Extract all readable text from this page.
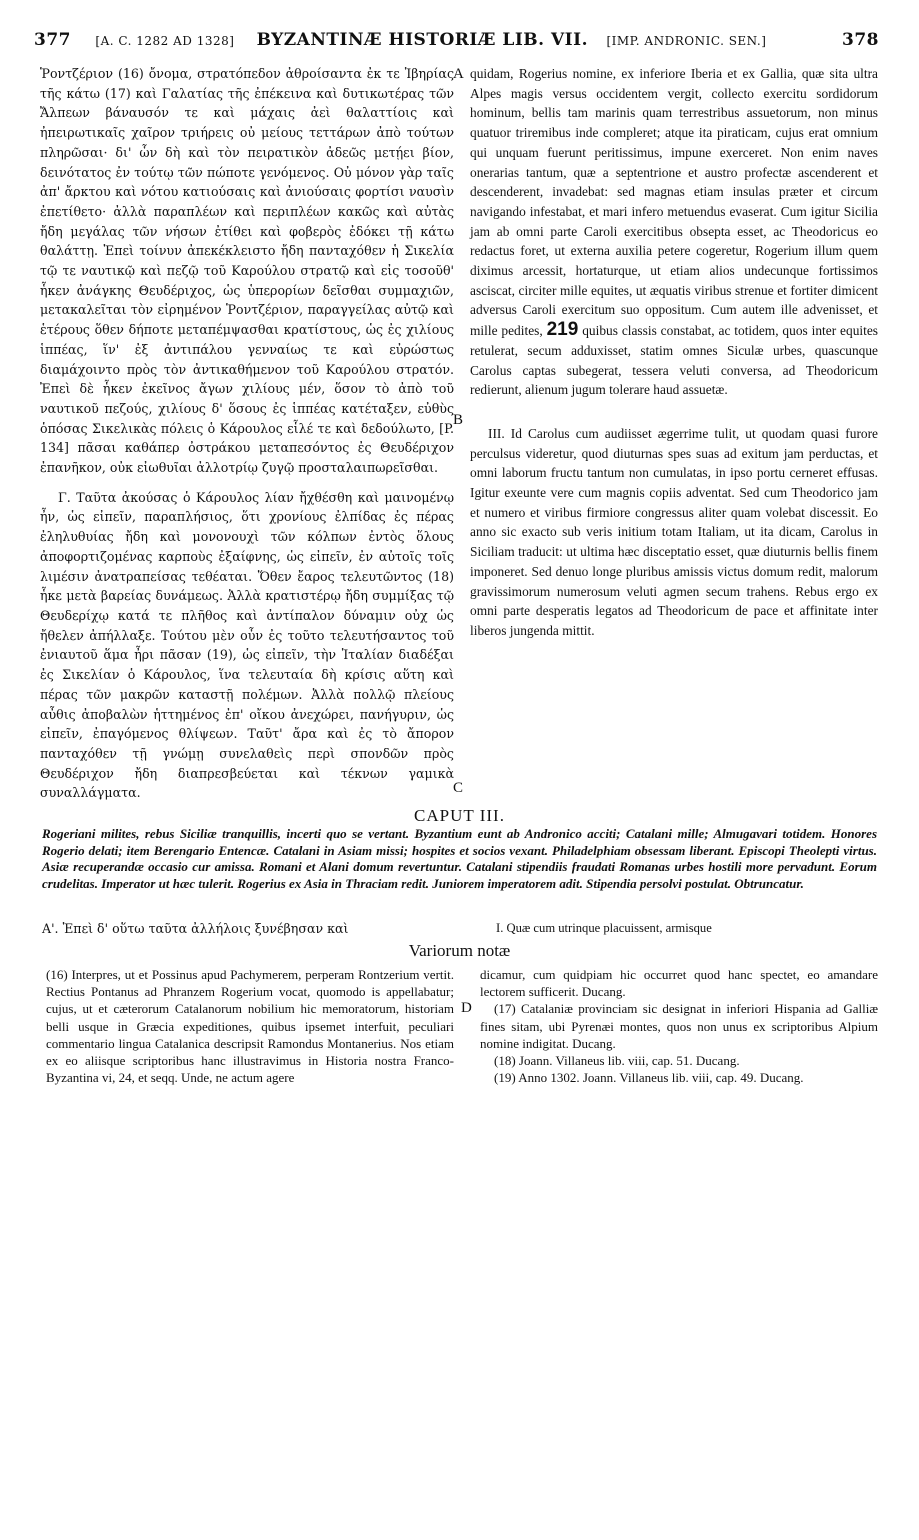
377 [A. C. 1282 AD 1328]	BYZANTINÆ HISTORIÆ LIB. VII. [IMP. ANDRONIC. SEN.]	378

Ῥοντζέριον (16) ὄνομα, στρατόπεδον ἀθροίσαντα ἐκ τε Ἰβηρίας τῆς κάτω (17) καὶ Γαλατίας τῆς ἐπέκεινα καὶ δυτικωτέρας τῶν Ἄλπεων βάναυσόν τε καὶ μάχαις ἀεὶ θαλαττίοις καὶ ἠπειρωτικαῖς χαῖρον τριήρεις οὐ μείους τεττάρων ἀπὸ τούτων πληρῶσαι· δι' ὧν δὴ καὶ τὸν πειρατικὸν ἀδεῶς μετῄει βίον, δεινότατος ἐν τούτῳ τῶν πώποτε γενόμενος. Οὐ μόνον γὰρ ταῖς ἀπ' ἄρκτου καὶ νότου κατιούσαις καὶ ἀνιούσαις φορτίσι ναυσὶν ἐπετίθετο· ἀλλὰ παραπλέων καὶ περιπλέων κακῶς καὶ αὐτὰς ἤδη μεγάλας τῶν νήσων ἐτίθει καὶ φοβερὸς ἐδόκει τῇ κάτω θαλάττῃ. Ἐπεὶ τοίνυν ἀπεκέκλειστο ἤδη πανταχόθεν ἡ Σικελία τῷ τε ναυτικῷ καὶ πεζῷ τοῦ Καρούλου στρατῷ καὶ εἰς τοσοῦθ' ἧκεν ἀνάγκης Θευδέριχος, ὡς ὑπερορίων δεῖσθαι συμμαχιῶν, μετακαλεῖται τὸν εἰρημένον Ῥοντζέριον, παραγγείλας αὐτῷ καὶ ἑτέρους ὅθεν δήποτε μεταπέμψασθαι κρατίστους, ὡς ἐς χιλίους ἱππέας, ἵν' ἐξ ἀντιπάλου γενναίως τε καὶ εὐρώστως διαμάχοιντο πρὸς τὸν ἀντικαθήμενον τοῦ Καρούλου στρατόν. Ἐπεὶ δὲ ἧκεν ἐκεῖνος ἄγων χιλίους μέν, ὅσον τὸ ἀπὸ τοῦ ναυτικοῦ πεζούς, χιλίους δ' ὅσους ἐς ἱππέας κατέταξεν, εὐθὺς ὁπόσας Σικελικὰς πόλεις ὁ Κάρουλος εἷλέ τε καὶ δεδούλωτο, [P. 134] πᾶσαι καθάπερ ὀστράκου μεταπεσόντος ἐς Θευδέριχον ἐπανῆκον, οὐκ εἰωθυῖαι ἀλλοτρίῳ ζυγῷ προσταλαιπωρεῖσθαι.

Γ. Ταῦτα ἀκούσας ὁ Κάρουλος λίαν ἤχθέσθη καὶ μαινομένῳ ἦν, ὡς εἰπεῖν, παραπλήσιος, ὅτι χρονίους ἐλπίδας ἐς πέρας ἐληλυθυίας ἤδη καὶ μονονουχὶ τῶν κόλπων ἐντὸς ὅλους ἀποφορτιζομένας καρποὺς ἐξαίφνης, ὡς εἰπεῖν, ἐν αὐτοῖς τοῖς λιμέσιν ἀνατραπείσας τεθέαται. Ὅθεν ἔαρος τελευτῶντος (18) ἧκε μετὰ βαρείας δυνάμεως. Ἀλλὰ κρατιστέρῳ ἤδη συμμίξας τῷ Θευδερίχῳ κατά τε πλῆθος καὶ ἀντίπαλον δύναμιν οὐχ ὡς ἤθελεν ἀπήλλαξε. Τούτου μὲν οὖν ἐς τοῦτο τελευτήσαντος τοῦ ἐνιαυτοῦ ἅμα ἦρι πᾶσαν (19), ὡς εἰπεῖν, τὴν Ἰταλίαν διαδέξαι ἐς Σικελίαν ὁ Κάρουλος, ἵνα τελευταία δὴ κρίσις αὕτη καὶ πέρας τῶν μακρῶν καταστῇ πολέμων. Ἀλλὰ πολλῷ πλείους αὖθις ἀποβαλὼν ἡττημένος ἐπ' οἴκου ἀνεχώρει, πανήγυριν, ὡς εἰπεῖν, ἐπαγόμενος θλίψεων. Ταῦτ' ἄρα καὶ ἐς τὸ ἄπορον πανταχόθεν τῇ γνώμῃ συνελαθεὶς περὶ σπονδῶν πρὸς Θευδέριχον ἤδη διαπρεσβεύεται καὶ τέκνων γαμικὰ συναλλάγματα.

A
B
C
D

quidam, Rogerius nomine, ex inferiore Iberia et ex Gallia, quæ sita ultra Alpes magis versus occidentem vergit, collecto exercitu sordidorum hominum, bellis tam marinis quam terrestribus assuetorum, non minus quatuor triremibus inde compleret; atque ita piraticam, cujus erat omnium qui unquam fuerunt peritissimus, impune exerceret. Non enim naves onerarias tantum, quæ a septentrione et austro profectæ ascenderent et descenderent, invadebat: sed magnas etiam insulas præter et circum navigando infestabat, et mari infero metuendus evaserat. Cum igitur Sicilia jam ab omni parte Caroli exercitibus obsepta esset, ac Theodoricus eo redactus foret, ut externa auxilia petere cogeretur, Rogerium illum quem diximus arcessit, hortaturque, ut etiam alios undecunque fortissimos asciscat, circiter mille equites, ut æquatis viribus strenue et fortiter dimicent adversus Caroli exercitum suo oppositum. Cum autem ille advenisset, et mille pedites, 219 quibus classis constabat, ac totidem, quos inter equites retulerat, secum adduxisset, statim omnes Siculæ urbes, quascunque Carolus captas subegerat, tessera veluti conversa, ad Theodoricum redierunt, alienum jugum tolerare haud assuetæ.

III. Id Carolus cum audiisset ægerrime tulit, ut quodam quasi furore perculsus videretur, quod diuturnas spes suas ad exitum jam perductas, et omni laborum fructu tantum non cumulatas, in ipso portu cerneret effusas. Igitur exeunte vere cum magnis copiis adventat. Sed cum Theodorico jam et numero et viribus firmiore congressus aliter quam volebat discessit. Eo anno sic exacto sub veris initium totam Italiam, ut ita dicam, Carolus in Siciliam traducit: ut ultima hæc disceptatio esset, quæ diuturnis bellis finem imponeret. Sed denuo longe pluribus amissis victus domum redit, malorum gravissimorum numerosum veluti agmen secum trahens. Rebus ergo ex omni parte desperatis legatos ad Theodoricum de pace et affinitate inter liberos jungenda mittit.

CAPUT III.
Rogeriani milites, rebus Siciliæ tranquillis, incerti quo se vertant. Byzantium eunt ab Andronico acciti; Catalani mille; Almugavari totidem. Honores Rogerio delati; item Berengario Entencæ. Catalani in Asiam missi; hospites et socios vexant. Philadelphiam obsessam liberant. Episcopi Theolepti virtus. Asiæ recuperandæ occasio cur amissa. Romani et Alani domum revertuntur. Catalani stipendiis fraudati Romanas urbes hostili more pervadunt. Eorum crudelitas. Imperator ut hæc tulerit. Rogerius ex Asia in Thraciam redit. Juniorem imperatorem adit. Stipendia persolvi postulat. Obtruncatur.
Α'. Ἐπεὶ δ' οὕτω ταῦτα ἀλλήλοις ξυνέβησαν καὶ	I. Quæ cum utrinque placuissent, armisque
Variorum notæ

(16) Interpres, ut et Possinus apud Pachymerem, perperam Rontzerium vertit. Rectius Pontanus ad Phranzem Rogerium vocat, quomodo is appellabatur; cujus, ut et cæterorum Catalanorum nobilium hic memoratorum, historiam belli usque in Græcia expeditiones, quibus ipsemet interfuit, peculiari commentario lingua Catalanica descripsit Ramondus Montanerius. Nos etiam ex eo aliisque scriptoribus hanc illustravimus in Historia nostra Franco-Byzantina vi, 24, et seqq. Unde, ne actum agere

dicamur, cum quidpiam hic occurret quod hanc spectet, eo amandare lectorem sufficerit. Ducang.

(17) Catalaniæ provinciam sic designat in inferiori Hispania ad Galliæ fines sitam, ubi Pyrenæi montes, quos non unus ex scriptoribus Alpium nomine indigitat. Ducang.

(18) Joann. Villaneus lib. viii, cap. 51. Ducang.

(19) Anno 1302. Joann. Villaneus lib. viii, cap. 49. Ducang.
